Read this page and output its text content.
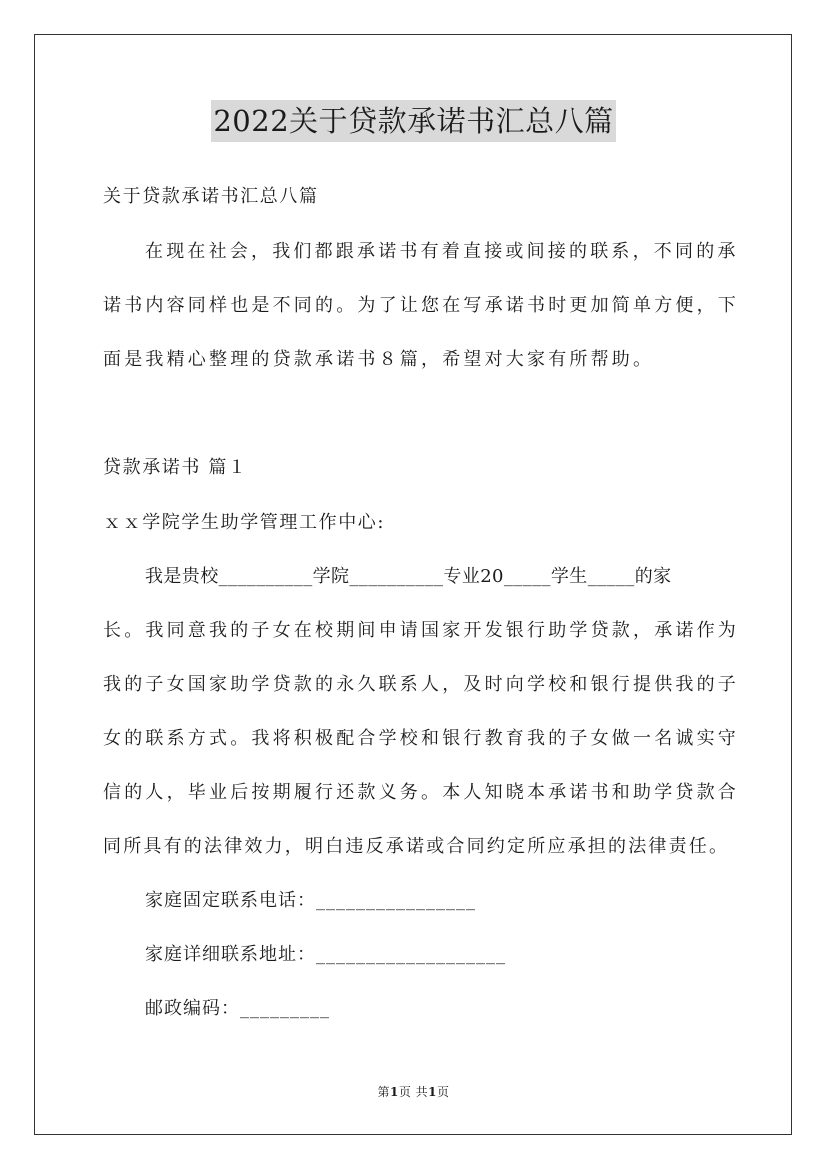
2022关于贷款承诺书汇总八篇
关于贷款承诺书汇总八篇
在现在社会，我们都跟承诺书有着直接或间接的联系，不同的承
诺书内容同样也是不同的。为了让您在写承诺书时更加简单方便，下
面是我精心整理的贷款承诺书８篇，希望对大家有所帮助。
贷款承诺书 篇１
ｘｘ学院学生助学管理工作中心:
我是贵校__________学院__________专业20_____学生_____的家
长。我同意我的子女在校期间申请国家开发银行助学贷款，承诺作为
我的子女国家助学贷款的永久联系人，及时向学校和银行提供我的子
女的联系方式。我将积极配合学校和银行教育我的子女做一名诚实守
信的人，毕业后按期履行还款义务。本人知晓本承诺书和助学贷款合
同所具有的法律效力，明白违反承诺或合同约定所应承担的法律责任。
家庭固定联系电话：________________
家庭详细联系地址：___________________
邮政编码：_________
第1页 共1页
